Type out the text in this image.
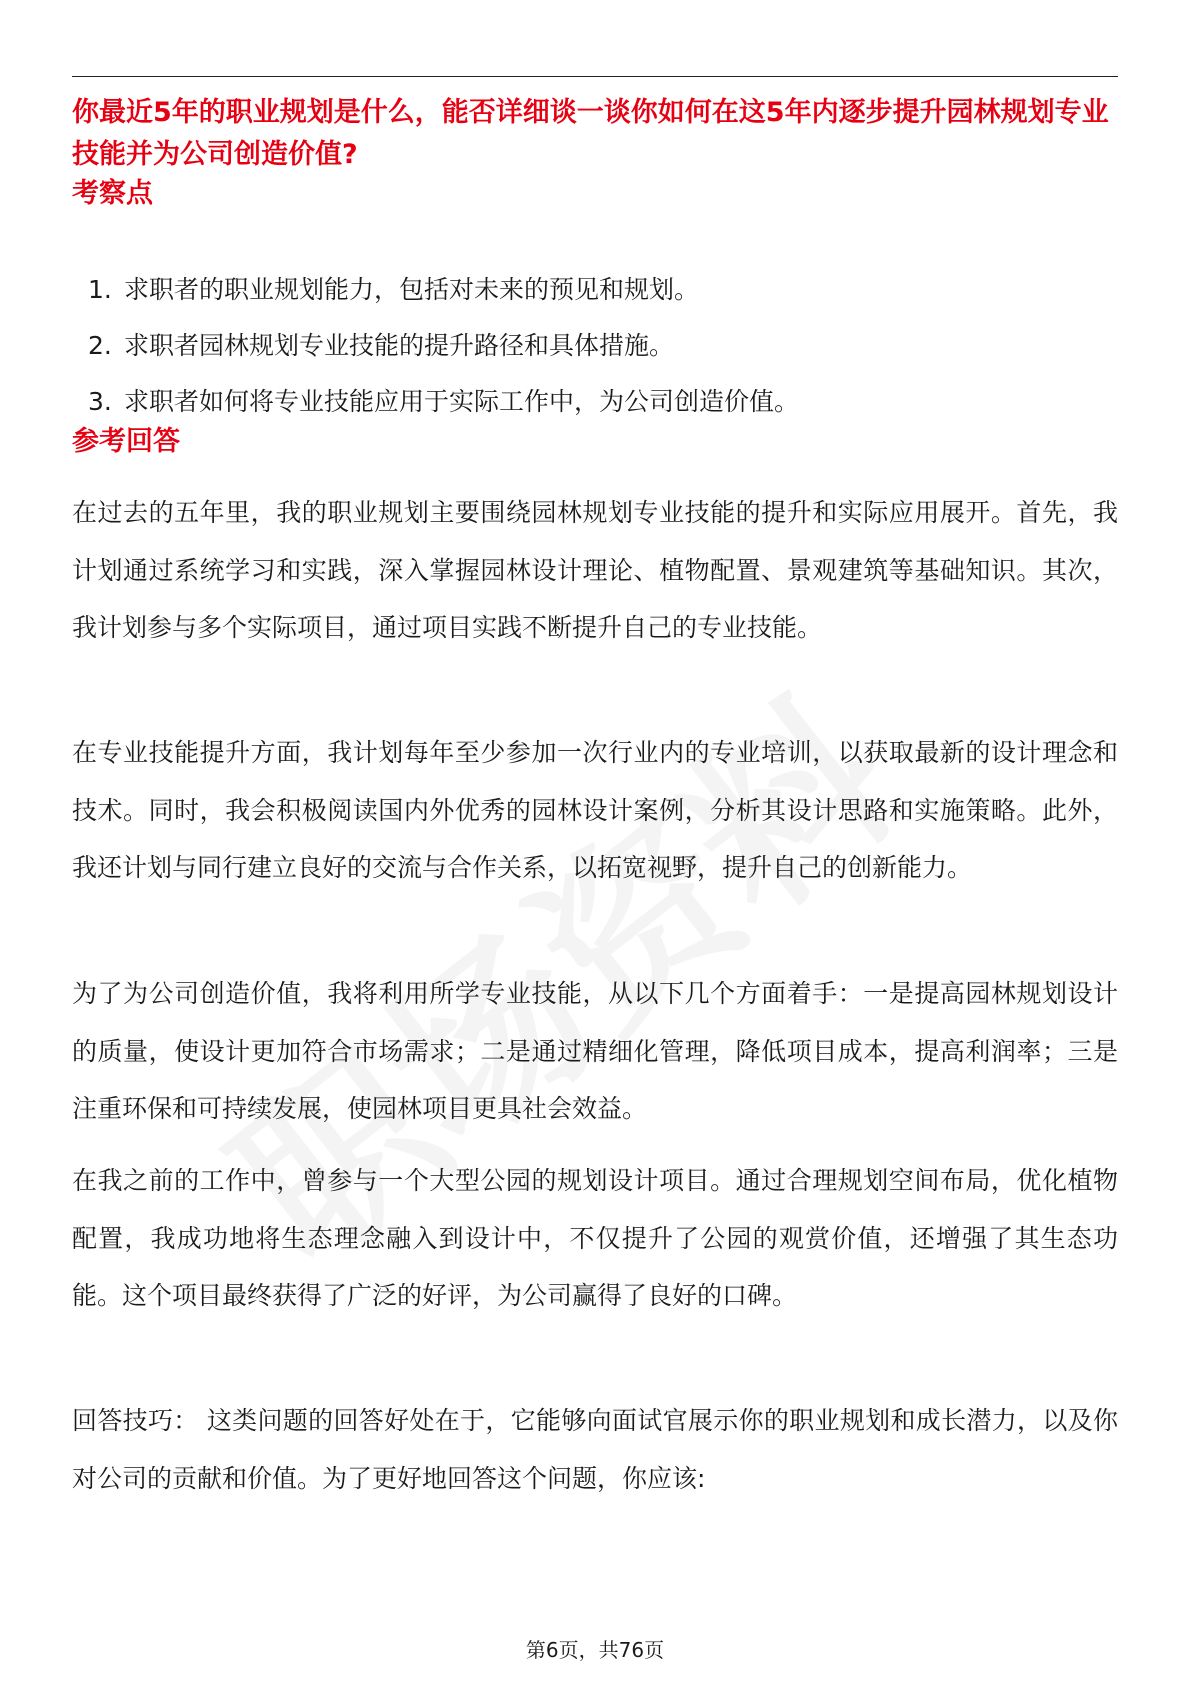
你最近5年的职业规划是什么，能否详细谈一谈你如何在这5年内逐步提升园林规划专业技能并为公司创造价值?
考察点
1. 求职者的职业规划能力，包括对未来的预见和规划。
2. 求职者园林规划专业技能的提升路径和具体措施。
3. 求职者如何将专业技能应用于实际工作中，为公司创造价值。
参考回答

在过去的五年里，我的职业规划主要围绕园林规划专业技能的提升和实际应用展开。首先，我计划通过系统学习和实践，深入掌握园林设计理论、植物配置、景观建筑等基础知识。其次，我计划参与多个实际项目，通过项目实践不断提升自己的专业技能。

在专业技能提升方面，我计划每年至少参加一次行业内的专业培训，以获取最新的设计理念和技术。同时，我会积极阅读国内外优秀的园林设计案例，分析其设计思路和实施策略。此外，我还计划与同行建立良好的交流与合作关系，以拓宽视野，提升自己的创新能力。

为了为公司创造价值，我将利用所学专业技能，从以下几个方面着手：一是提高园林规划设计的质量，使设计更加符合市场需求；二是通过精细化管理，降低项目成本，提高利润率；三是注重环保和可持续发展，使园林项目更具社会效益。

在我之前的工作中，曾参与一个大型公园的规划设计项目。通过合理规划空间布局，优化植物配置，我成功地将生态理念融入到设计中，不仅提升了公园的观赏价值，还增强了其生态功能。这个项目最终获得了广泛的好评，为公司赢得了良好的口碑。

回答技巧： 这类问题的回答好处在于，它能够向面试官展示你的职业规划和成长潜力，以及你对公司的贡献和价值。为了更好地回答这个问题，你应该:

第6页，共76页
